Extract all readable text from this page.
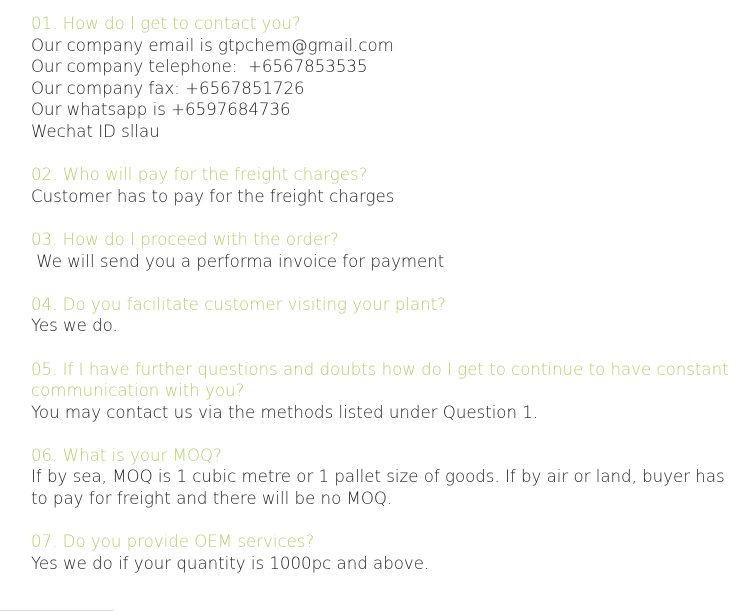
01. How do I get to contact you?
Our company email is gtpchem@gmail.com
Our company telephone:  +6567853535
Our company fax: +6567851726
Our whatsapp is +6597684736
Wechat ID sllau
02. Who will pay for the freight charges?
Customer has to pay for the freight charges
03. How do I proceed with the order?
We will send you a performa invoice for payment
04. Do you facilitate customer visiting your plant?
Yes we do.
05. If I have further questions and doubts how do I get to continue to have constant communication with you?
You may contact us via the methods listed under Question 1.
06. What is your MOQ?
If by sea, MOQ is 1 cubic metre or 1 pallet size of goods. If by air or land, buyer has to pay for freight and there will be no MOQ.
07. Do you provide OEM services?
Yes we do if your quantity is 1000pc and above.
